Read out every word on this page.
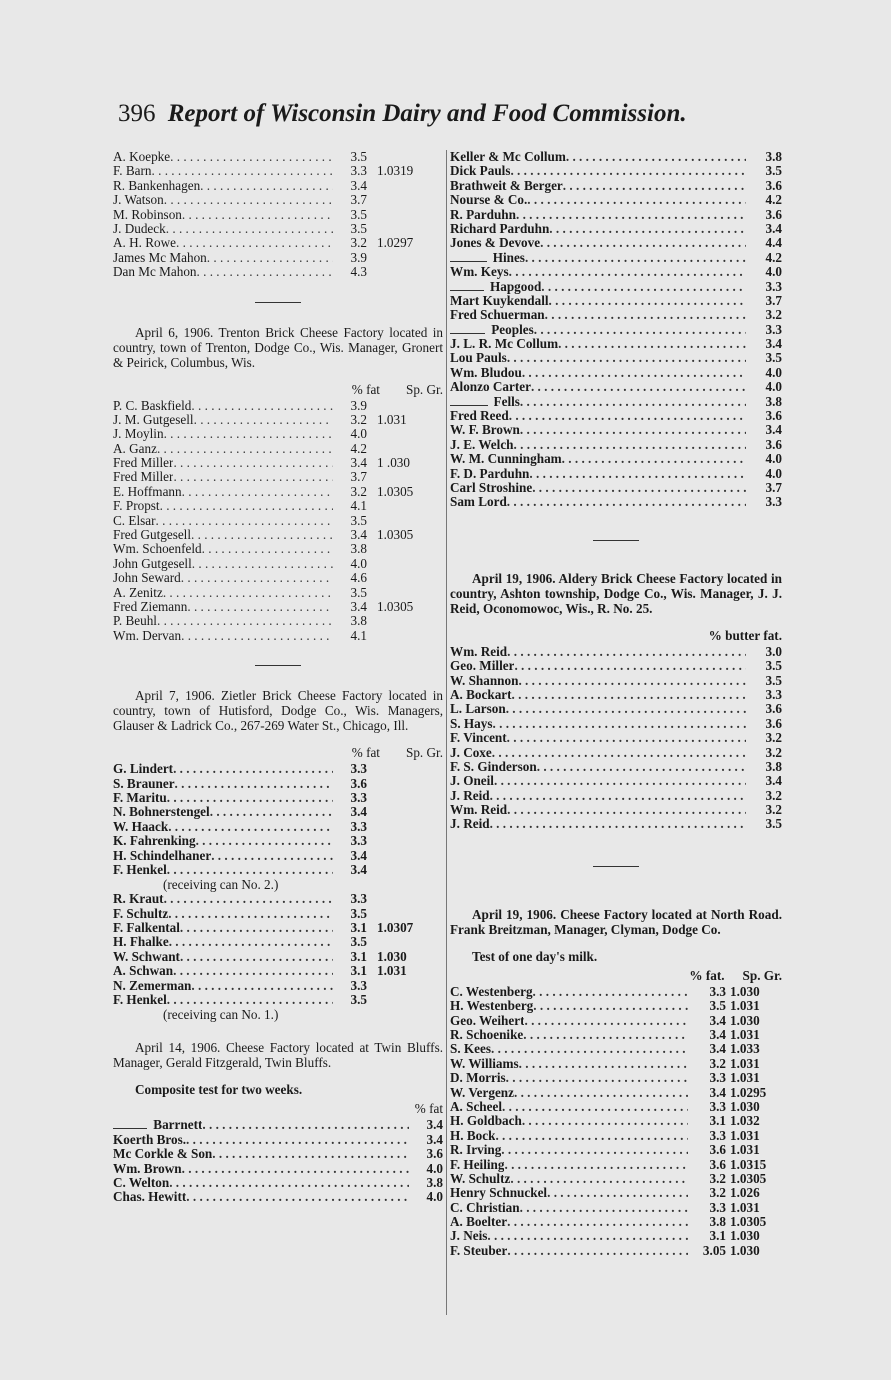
396 Report of Wisconsin Dairy and Food Commission.
A. Koepke . . .	3.5
F. Barn . . .	3.3 1.0319
R. Bankenhagen . . .	3.4
J. Watson . . .	3.7
M. Robinson . . .	3.5
J. Dudeck . . .	3.5
A. H. Rowe . . .	3.2 1.0297
James Mc Mahon . . .	3.9
Dan Mc Mahon . . .	4.3

April 6, 1906. Trenton Brick Cheese Factory located in country, town of Trenton, Dodge Co., Wis. Manager, Gronert & Peirick, Columbus, Wis.

% fat	Sp. Gr.
P. C. Baskfield . . .	3.9
J. M. Gutgesell . . .	3.2 1.031
J. Moylin . . .	4.0
A. Ganz . . .	4.2
Fred Miller . . .	3.4 1 .030
Fred Miller . . .	3.7
E. Hoffmann . . .	3.2 1.0305
F. Propst . . .	4.1
C. Elsar . . .	3.5
Fred Gutgesell . . .	3.4 1.0305
Wm. Schoenfeld . . .	3.8
John Gutgesell . . .	4.0
John Seward . . .	4.6
A. Zenitz . . .	3.5
Fred Ziemann . . .	3.4 1.0305
P. Beuhl . . .	3.8
Wm. Dervan . . .	4.1

April 7, 1906. Zietler Brick Cheese Factory located in country, town of Hutisford, Dodge Co., Wis. Managers, Glauser & Ladrick Co., 267-269 Water St., Chicago, Ill.

% fat	Sp. Gr.
G. Lindert . . .	3.3
S. Brauner . . .	3.6
F. Maritu . . .	3.3
N. Bohnerstengel . . .	3.4
W. Haack . . .	3.3
K. Fahrenking . . .	3.3
H. Schindelhaner . . .	3.4
F. Henkel . . .	3.4
(receiving can No. 2.)
R. Kraut . . .	3.3
F. Schultz . . .	3.5
F. Falkental . . .	3.1 1.0307
H. Fhalke . . .	3.5
W. Schwant . . .	3.1 1.030
A. Schwan . . .	3.1 1.031
N. Zemerman . . .	3.3
F. Henkel . . .	3.5
(receiving can No. 1.)

April 14, 1906. Cheese Factory located at Twin Bluffs. Manager, Gerald Fitzgerald, Twin Bluffs.

Composite test for two weeks.
% fat
Barrnett . . .	3.4
Koerth Bros. . . .	3.4
Mc Corkle & Son . . .	3.6
Wm. Brown . . .	4.0
C. Welton . . .	3.8
Chas. Hewitt . . .	4.0
Keller & Mc Collum . . .	3.8
Dick Pauls . . .	3.5
Brathweit & Berger . . .	3.6
Nourse & Co. . . .	4.2
R. Parduhn . . .	3.6
Richard Parduhn . . .	3.4
Jones & Devove . . .	4.4
Hines . . .	4.2
Wm. Keys . . .	4.0
Hapgood . . .	3.3
Mart Kuykendall . . .	3.7
Fred Schuerman . . .	3.2
Peoples . . .	3.3
J. L. R. Mc Collum . . .	3.4
Lou Pauls . . .	3.5
Wm. Bludou . . .	4.0
Alonzo Carter . . .	4.0
Fells . . .	3.8
Fred Reed . . .	3.6
W. F. Brown . . .	3.4
J. E. Welch . . .	3.6
W. M. Cunningham . . .	4.0
F. D. Parduhn . . .	4.0
Carl Stroshine . . .	3.7
Sam Lord . . .	3.3

April 19, 1906. Aldery Brick Cheese Factory located in country, Ashton township, Dodge Co., Wis. Manager, J. J. Reid, Oconomowoc, Wis., R. No. 25.

% butter fat.
Wm. Reid . . .	3.0
Geo. Miller . . .	3.5
W. Shannon . . .	3.5
A. Bockart . . .	3.3
L. Larson . . .	3.6
S. Hays . . .	3.6
F. Vincent . . .	3.2
J. Coxe . . .	3.2
F. S. Ginderson . . .	3.8
J. Oneil . . .	3.4
J. Reid . . .	3.2
Wm. Reid . . .	3.2
J. Reid . . .	3.5

April 19, 1906. Cheese Factory located at North Road. Frank Breitzman, Manager, Clyman, Dodge Co.

Test of one day's milk.
% fat.	Sp. Gr.
C. Westenberg . . .	3.3 1.030
H. Westenberg . . .	3.5 1.031
Geo. Weihert . . .	3.4 1.030
R. Schoenike . . .	3.4 1.031
S. Kees . . .	3.4 1.033
W. Williams . . .	3.2 1.031
D. Morris . . .	3.3 1.031
W. Vergenz . . .	3.4 1.0295
A. Scheel . . .	3.3 1.030
H. Goldbach . . .	3.1 1.032
H. Bock . . .	3.3 1.031
R. Irving . . .	3.6 1.031
F. Heiling . . .	3.6 1.0315
W. Schultz . . .	3.2 1.0305
Henry Schnuckel . . .	3.2 1.026
C. Christian . . .	3.3 1.031
A. Boelter . . .	3.8 1.0305
J. Neis . . .	3.1 1.030
F. Steuber . . .	3.05 1.030
